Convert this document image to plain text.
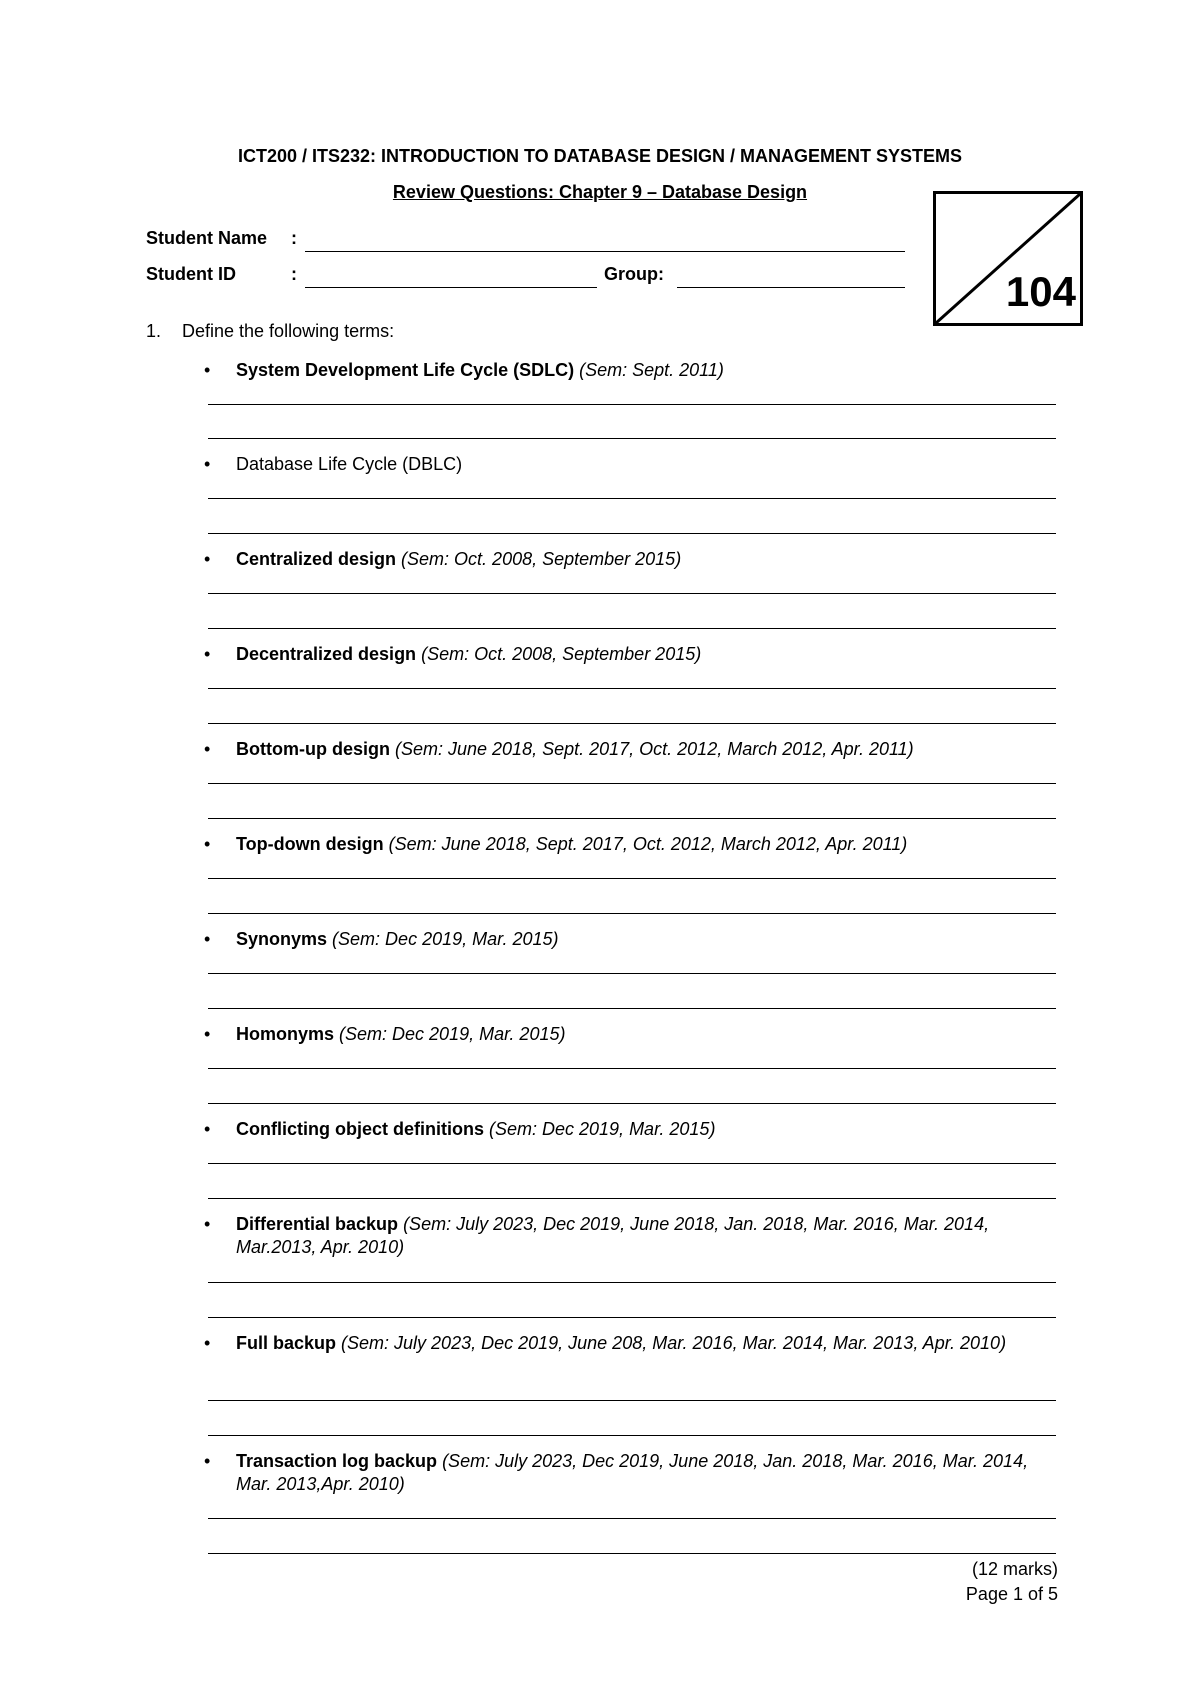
ICT200 / ITS232: INTRODUCTION TO DATABASE DESIGN / MANAGEMENT SYSTEMS
Review Questions: Chapter 9 – Database Design
Student Name :
Student ID	:	Group:	104
1. Define the following terms:
•	System Development Life Cycle (SDLC) (Sem: Sept. 2011)
•	Database Life Cycle (DBLC)
•	Centralized design (Sem: Oct. 2008, September 2015)
•	Decentralized design (Sem: Oct. 2008, September 2015)
•	Bottom-up design (Sem: June 2018, Sept. 2017, Oct. 2012, March 2012, Apr. 2011)
•	Top-down design (Sem: June 2018, Sept. 2017, Oct. 2012, March 2012, Apr. 2011)
•	Synonyms (Sem: Dec 2019, Mar. 2015)
•	Homonyms (Sem: Dec 2019, Mar. 2015)
•	Conflicting object definitions (Sem: Dec 2019, Mar. 2015)
•	Differential backup (Sem: July 2023, Dec 2019, June 2018, Jan. 2018, Mar. 2016, Mar. 2014, Mar.2013, Apr. 2010)
•	Full backup (Sem: July 2023, Dec 2019, June 208, Mar. 2016, Mar. 2014, Mar. 2013, Apr. 2010)
•	Transaction log backup (Sem: July 2023, Dec 2019, June 2018, Jan. 2018, Mar. 2016, Mar. 2014, Mar. 2013,Apr. 2010)
(12 marks)
Page 1 of 5
